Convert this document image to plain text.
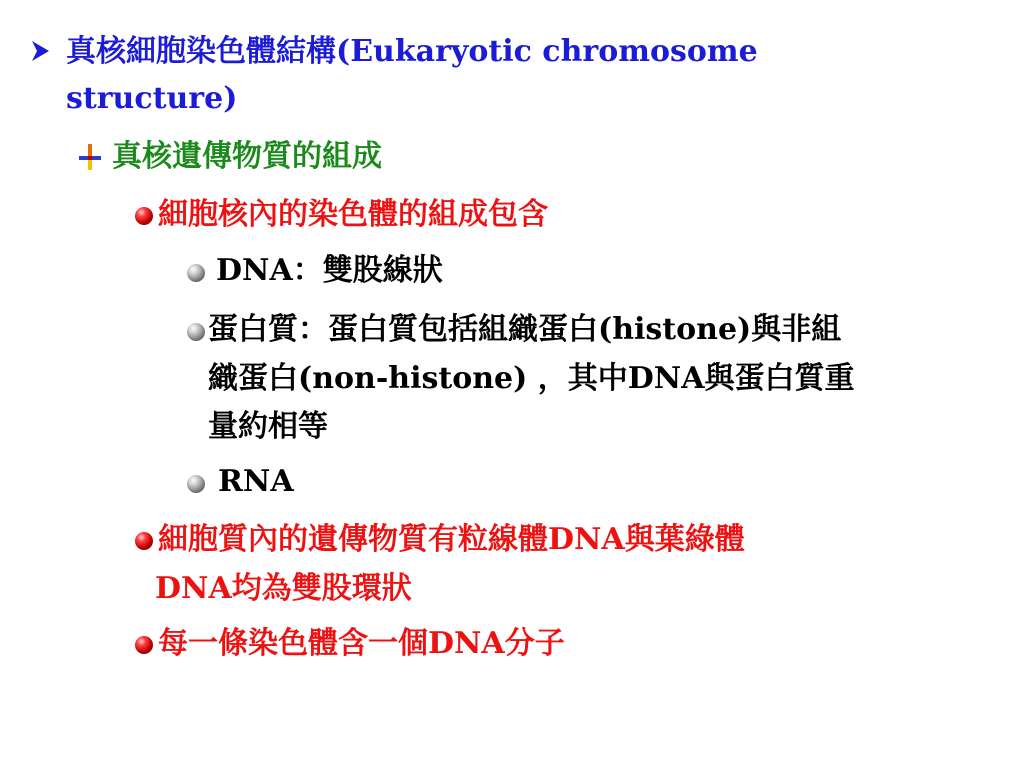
真核細胞染色體結構(Eukaryotic chromosome
structure)
真核遺傳物質的組成
細胞核內的染色體的組成包含
DNA：雙股線狀
蛋白質：蛋白質包括組織蛋白(histone)與非組
織蛋白(non-histone) ，其中DNA與蛋白質重
量約相等
RNA
細胞質內的遺傳物質有粒線體DNA與葉綠體
DNA均為雙股環狀
每一條染色體含一個DNA分子
